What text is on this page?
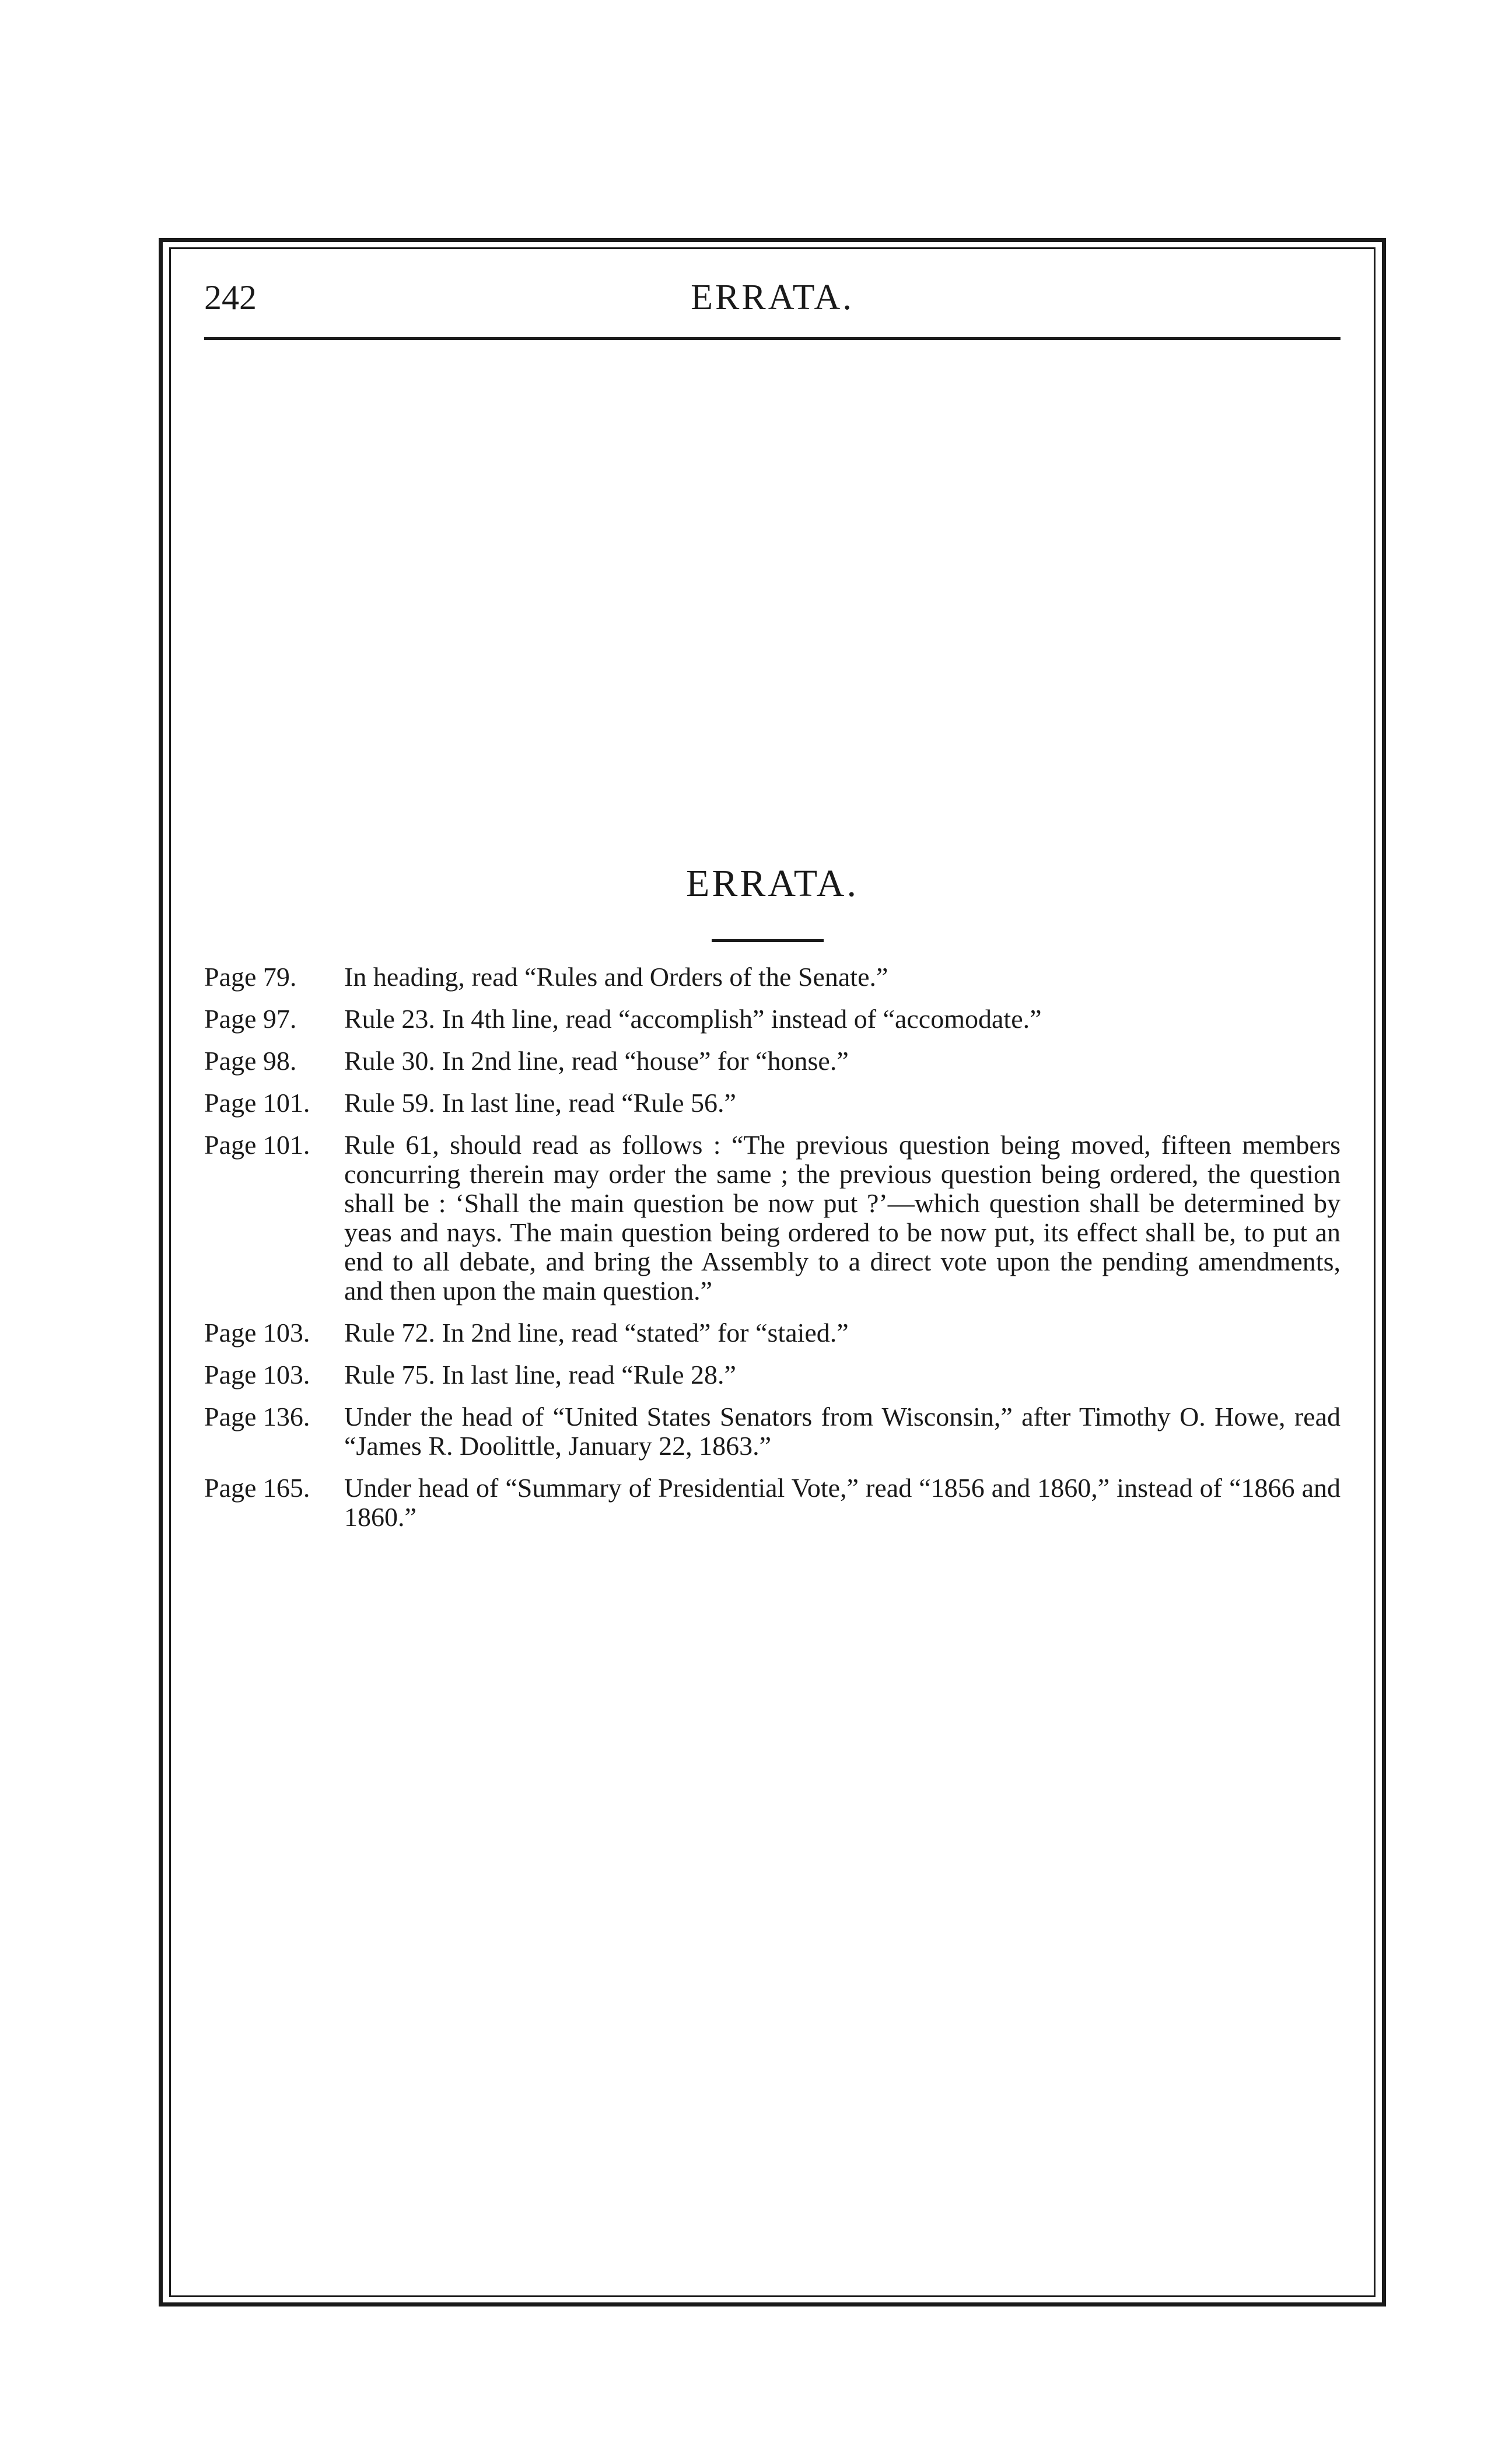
242	ERRATA.
ERRATA.
Page 79.	In heading, read “Rules and Orders of the Senate.”
Page 97.	Rule 23. In 4th line, read “accomplish” instead of “accomodate.”
Page 98.	Rule 30. In 2nd line, read “house” for “honse.”
Page 101.	Rule 59. In last line, read “Rule 56.”
Page 101.	Rule 61, should read as follows : “The previous question being moved, fifteen members concurring therein may order the same ; the previous question being ordered, the question shall be : ‘Shall the main question be now put ?’—which question shall be determined by yeas and nays. The main question being ordered to be now put, its effect shall be, to put an end to all debate, and bring the Assembly to a direct vote upon the pending amendments, and then upon the main question.”
Page 103.	Rule 72. In 2nd line, read “stated” for “staied.”
Page 103.	Rule 75. In last line, read “Rule 28.”
Page 136.	Under the head of “United States Senators from Wisconsin,” after Timothy O. Howe, read “James R. Doolittle, January 22, 1863.”
Page 165.	Under head of “Summary of Presidential Vote,” read “1856 and 1860,” instead of “1866 and 1860.”
